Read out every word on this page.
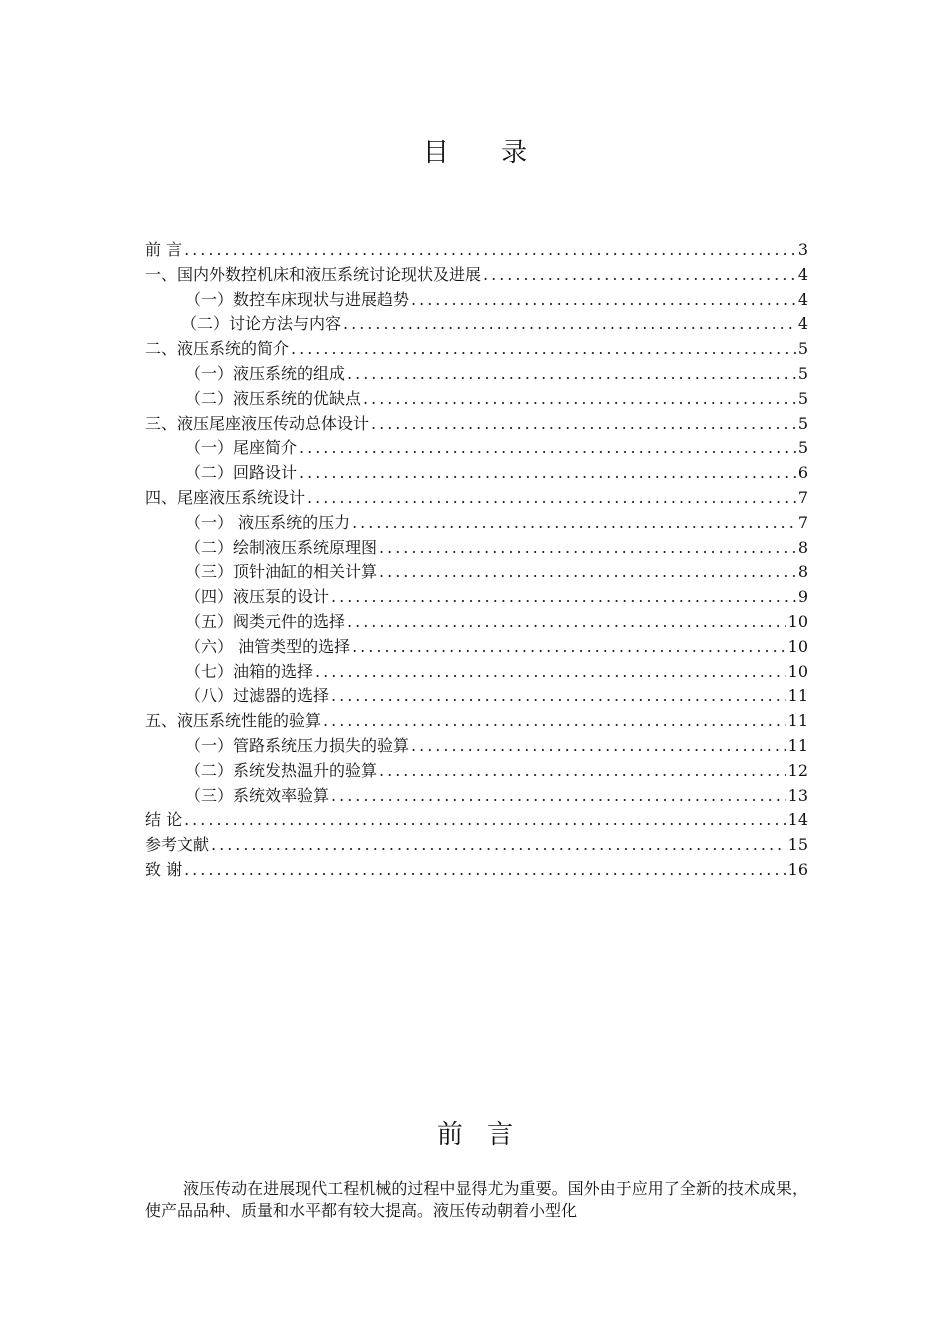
目 录
前 言 .....	3
一、国内外数控机床和液压系统讨论现状及进展 .....	4
（一）数控车床现状与进展趋势 .....	4
（二）讨论方法与内容 .....	4
二、液压系统的简介 .....	5
（一）液压系统的组成 .....	5
（二）液压系统的优缺点 .....	5
三、液压尾座液压传动总体设计 .....	5
（一）尾座简介 .....	5
（二）回路设计 .....	6
四、尾座液压系统设计 .....	7
（一） 液压系统的压力 .....	7
（二）绘制液压系统原理图 .....	8
（三）顶针油缸的相关计算 .....	8
（四）液压泵的设计 .....	9
（五）阀类元件的选择 .....	10
（六） 油管类型的选择 .....	10
（七）油箱的选择 .....	10
（八）过滤器的选择 .....	11
五、液压系统性能的验算 .....	11
（一）管路系统压力损失的验算 .....	11
（二）系统发热温升的验算 .....	12
（三）系统效率验算 .....	13
结 论 .....	14
参考文献 .....	15
致 谢 .....	16
前 言
液压传动在进展现代工程机械的过程中显得尤为重要。国外由于应用了全新的技术成果，使产品品种、质量和水平都有较大提高。液压传动朝着小型化
